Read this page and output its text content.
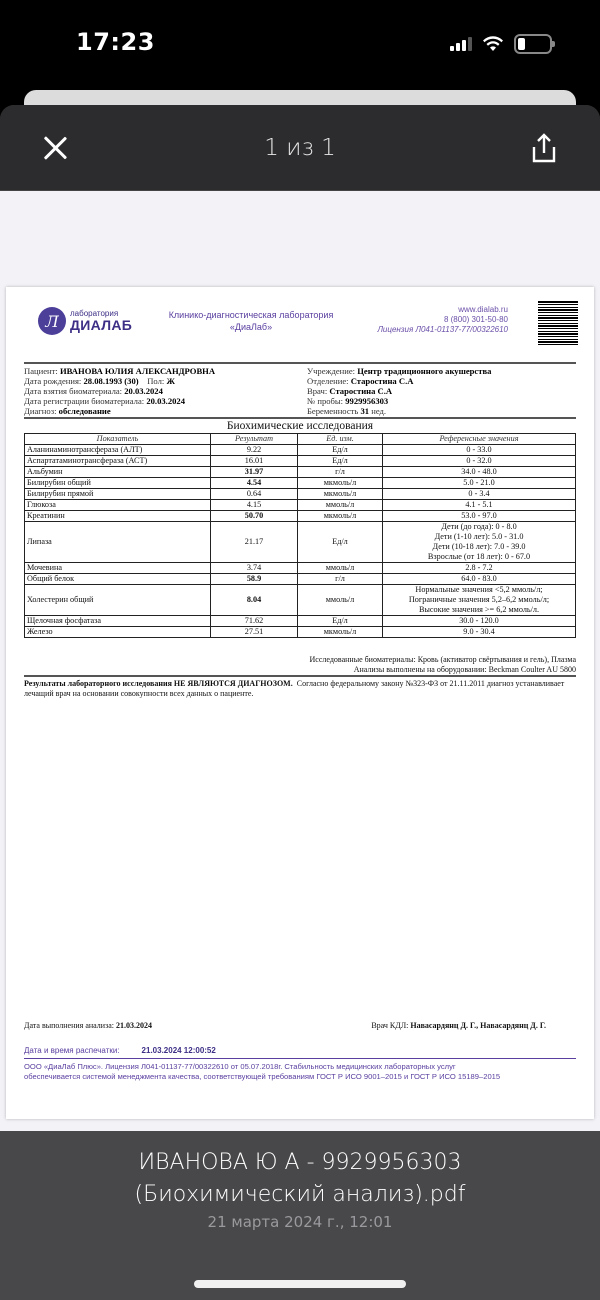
17:23
1 из 1
Л	лаборатория
ДИАЛАБ
Клинико-диагностическая лаборатория
«ДиаЛаб»
www.dialab.ru
8 (800) 301-50-80
Лицензия Л041-01137-77/00322610
Пациент: ИВАНОВА ЮЛИЯ АЛЕКСАНДРОВНА
Дата рождения: 28.08.1993 (30) Пол: Ж
Дата взятия биоматериала: 20.03.2024
Дата регистрации биоматериала: 20.03.2024
Диагноз: обследование
Учреждение: Центр традиционного акушерства
Отделение: Старостина С.А
Врач: Старостина С.А
№ пробы: 9929956303
Беременность 31 нед.
Биохимические исследования
Показатель	Результат	Ед. изм.	Референсные значения
Аланинаминотрансфераза (АЛТ)	9.22	Ед/л	0 - 33.0
Аспартатаминотрансфераза (АСТ)	16.01	Ед/л	0 - 32.0
Альбумин	31.97	г/л	34.0 - 48.0
Билирубин общий	4.54	мкмоль/л	5.0 - 21.0
Билирубин прямой	0.64	мкмоль/л	0 - 3.4
Глюкоза	4.15	ммоль/л	4.1 - 5.1
Креатинин	50.70	мкмоль/л	53.0 - 97.0
Липаза	21.17	Ед/л	Дети (до года): 0 - 8.0
Дети (1-10 лет): 5.0 - 31.0
Дети (10-18 лет): 7.0 - 39.0
Взрослые (от 18 лет): 0 - 67.0

Мочевина	3.74	ммоль/л	2.8 - 7.2
Общий белок	58.9	г/л	64.0 - 83.0
Холестерин общий	8.04	ммоль/л	Нормальные значения <5,2 ммоль/л;
Пограничные значения 5,2–6,2 ммоль/л;
Высокие значения >= 6,2 ммоль/л.

Щелочная фосфатаза	71.62	Ед/л	30.0 - 120.0
Железо	27.51	мкмоль/л	9.0 - 30.4
Исследованные биоматериалы: Кровь (активатор свёртывания и гель), Плазма
Анализы выполнены на оборудовании: Beckman Coulter AU 5800
Результаты лабораторного исследования НЕ ЯВЛЯЮТСЯ ДИАГНОЗОМ. Согласно федеральному закону №323-ФЗ от 21.11.2011 диагноз устанавливает лечащий врач на основании совокупности всех данных о пациенте.
Дата выполнения анализа: 21.03.2024	Врач КДЛ: Навасардянц Д. Г., Навасардянц Д. Г.
Дата и время распечатки:	21.03.2024 12:00:52
ООО «ДиаЛаб Плюс». Лицензия Л041-01137-77/00322610 от 05.07.2018г. Стабильность медицинских лабораторных услуг
обеспечивается системой менеджмента качества, соответствующей требованиям ГОСТ Р ИСО 9001–2015 и ГОСТ Р ИСО 15189–2015
ИВАНОВА Ю А - 9929956303
(Биохимический анализ).pdf
21 марта 2024 г., 12:01
